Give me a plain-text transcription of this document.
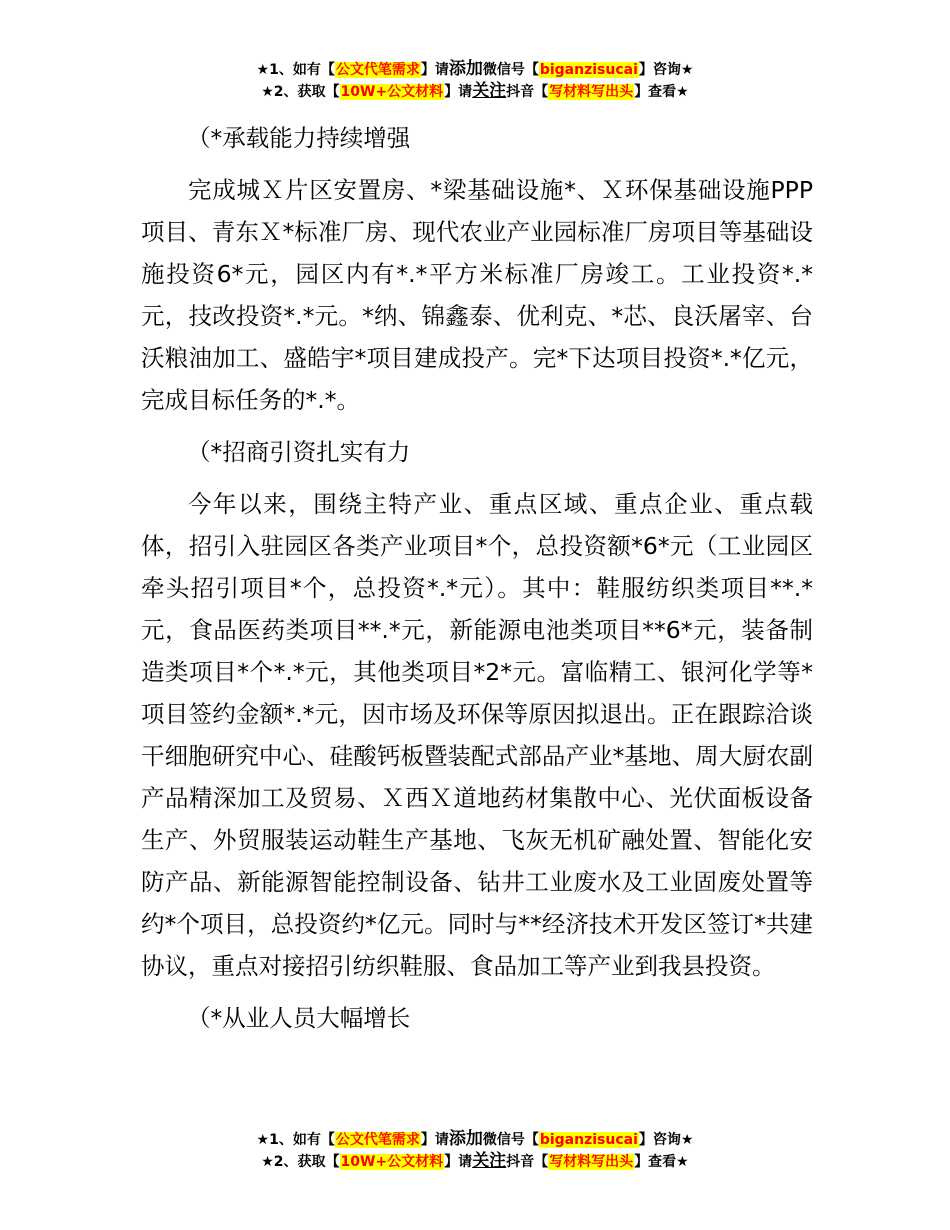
★1、如有【公文代笔需求】请添加微信号【biganzisucai】咨询★
★2、获取【10W+公文材料】请关注抖音【写材料写出头】查看★
（*承载能力持续增强
完成城Ｘ片区安置房、*梁基础设施*、Ｘ环保基础设施PPP项目、青东Ｘ*标准厂房、现代农业产业园标准厂房项目等基础设施投资6*元，园区内有*.*平方米标准厂房竣工。工业投资*.*元，技改投资*.*元。*纳、锦鑫泰、优利克、*芯、良沃屠宰、台沃粮油加工、盛皓宇*项目建成投产。完*下达项目投资*.*亿元，完成目标任务的*.*。
（*招商引资扎实有力
今年以来，围绕主特产业、重点区域、重点企业、重点载体，招引入驻园区各类产业项目*个，总投资额*6*元（工业园区牵头招引项目*个，总投资*.*元）。其中：鞋服纺织类项目**.*元，食品医药类项目**.*元，新能源电池类项目**6*元，装备制造类项目*个*.*元，其他类项目*2*元。富临精工、银河化学等*项目签约金额*.*元，因市场及环保等原因拟退出。正在跟踪洽谈干细胞研究中心、硅酸钙板暨装配式部品产业*基地、周大厨农副产品精深加工及贸易、Ｘ西Ｘ道地药材集散中心、光伏面板设备生产、外贸服装运动鞋生产基地、飞灰无机矿融处置、智能化安防产品、新能源智能控制设备、钻井工业废水及工业固废处置等约*个项目，总投资约*亿元。同时与**经济技术开发区签订*共建协议，重点对接招引纺织鞋服、食品加工等产业到我县投资。
（*从业人员大幅增长
★1、如有【公文代笔需求】请添加微信号【biganzisucai】咨询★
★2、获取【10W+公文材料】请关注抖音【写材料写出头】查看★
